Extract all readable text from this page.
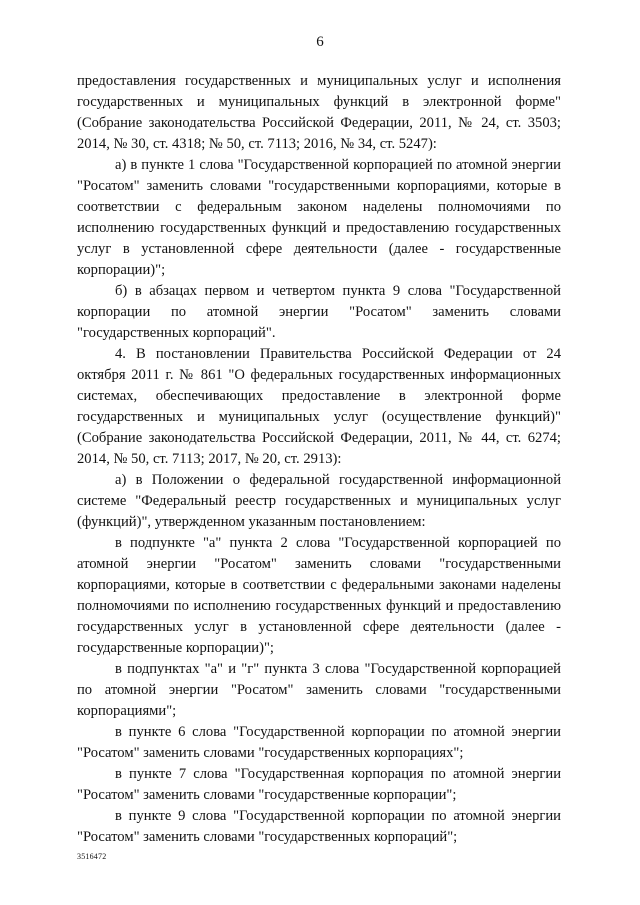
6

предоставления государственных и муниципальных услуг и исполнения государственных и муниципальных функций в электронной форме" (Собрание законодательства Российской Федерации, 2011, № 24, ст. 3503; 2014, № 30, ст. 4318; № 50, ст. 7113; 2016, № 34, ст. 5247):

а) в пункте 1 слова "Государственной корпорацией по атомной энергии "Росатом" заменить словами "государственными корпорациями, которые в соответствии с федеральным законом наделены полномочиями по исполнению государственных функций и предоставлению государственных услуг в установленной сфере деятельности (далее - государственные корпорации)";

б) в абзацах первом и четвертом пункта 9 слова "Государственной корпорации по атомной энергии "Росатом" заменить словами "государственных корпораций".

4. В постановлении Правительства Российской Федерации от 24 октября 2011 г. № 861 "О федеральных государственных информационных системах, обеспечивающих предоставление в электронной форме государственных и муниципальных услуг (осуществление функций)" (Собрание законодательства Российской Федерации, 2011, № 44, ст. 6274; 2014, № 50, ст. 7113; 2017, № 20, ст. 2913):

а) в Положении о федеральной государственной информационной системе "Федеральный реестр государственных и муниципальных услуг (функций)", утвержденном указанным постановлением:

в подпункте "а" пункта 2 слова "Государственной корпорацией по атомной энергии "Росатом" заменить словами "государственными корпорациями, которые в соответствии с федеральными законами наделены полномочиями по исполнению государственных функций и предоставлению государственных услуг в установленной сфере деятельности (далее - государственные корпорации)";

в подпунктах "а" и "г" пункта 3 слова "Государственной корпорацией по атомной энергии "Росатом" заменить словами "государственными корпорациями";

в пункте 6 слова "Государственной корпорации по атомной энергии "Росатом" заменить словами "государственных корпорациях";

в пункте 7 слова "Государственная корпорация по атомной энергии "Росатом" заменить словами "государственные корпорации";

в пункте 9 слова "Государственной корпорации по атомной энергии "Росатом" заменить словами "государственных корпораций";

3516472
